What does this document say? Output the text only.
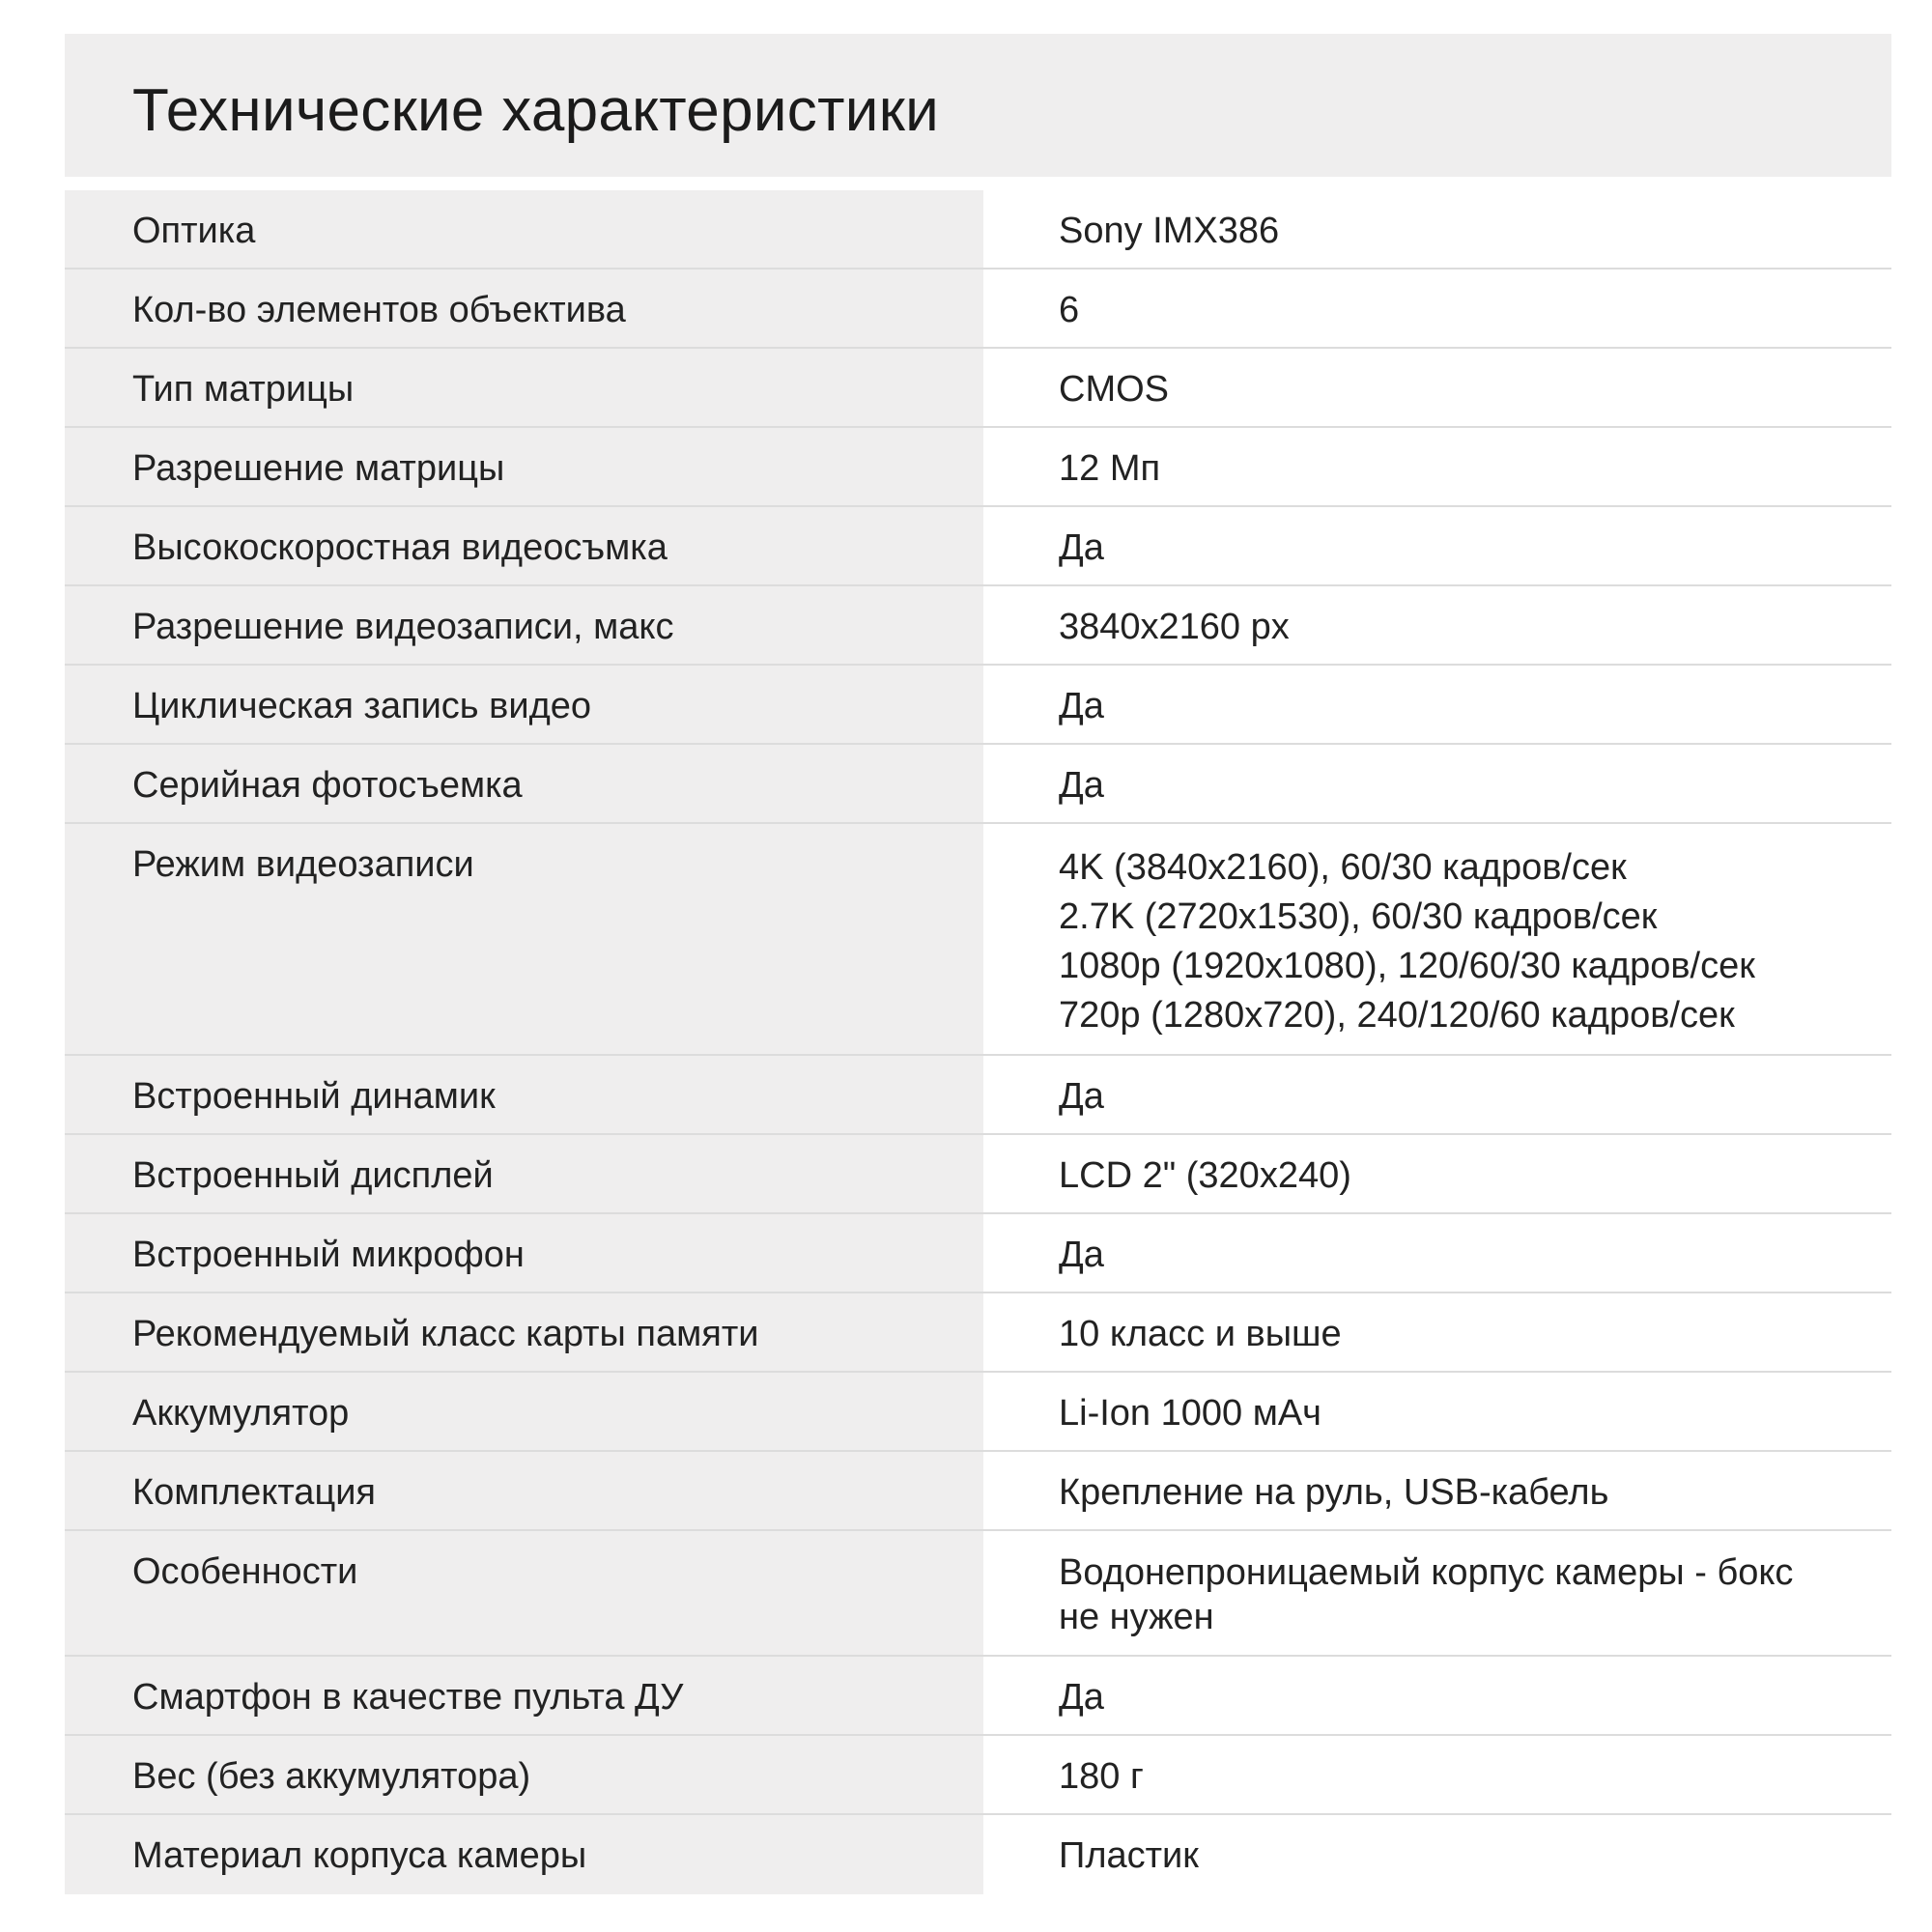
Технические характеристики
Оптика	Sony IMX386
Кол-во элементов объектива	6
Тип матрицы	CMOS
Разрешение матрицы	12 Мп
Высокоскоростная видеосъмка	Да
Разрешение видеозаписи, макс	3840x2160 px
Циклическая запись видео	Да
Серийная фотосъемка	Да
Режим видеозаписи	4K (3840x2160), 60/30 кадров/сек
2.7K (2720x1530), 60/30 кадров/сек
1080p (1920x1080), 120/60/30 кадров/сек
720p (1280x720), 240/120/60 кадров/сек
Встроенный динамик	Да
Встроенный дисплей	LCD 2" (320x240)
Встроенный микрофон	Да
Рекомендуемый класс карты памяти	10 класс и выше
Аккумулятор	Li-Ion 1000 мАч
Комплектация	Крепление на руль, USB-кабель
Особенности	Водонепроницаемый корпус камеры - бокс
не нужен
Смартфон в качестве пульта ДУ	Да
Вес (без аккумулятора)	180 г
Материал корпуса камеры	Пластик
